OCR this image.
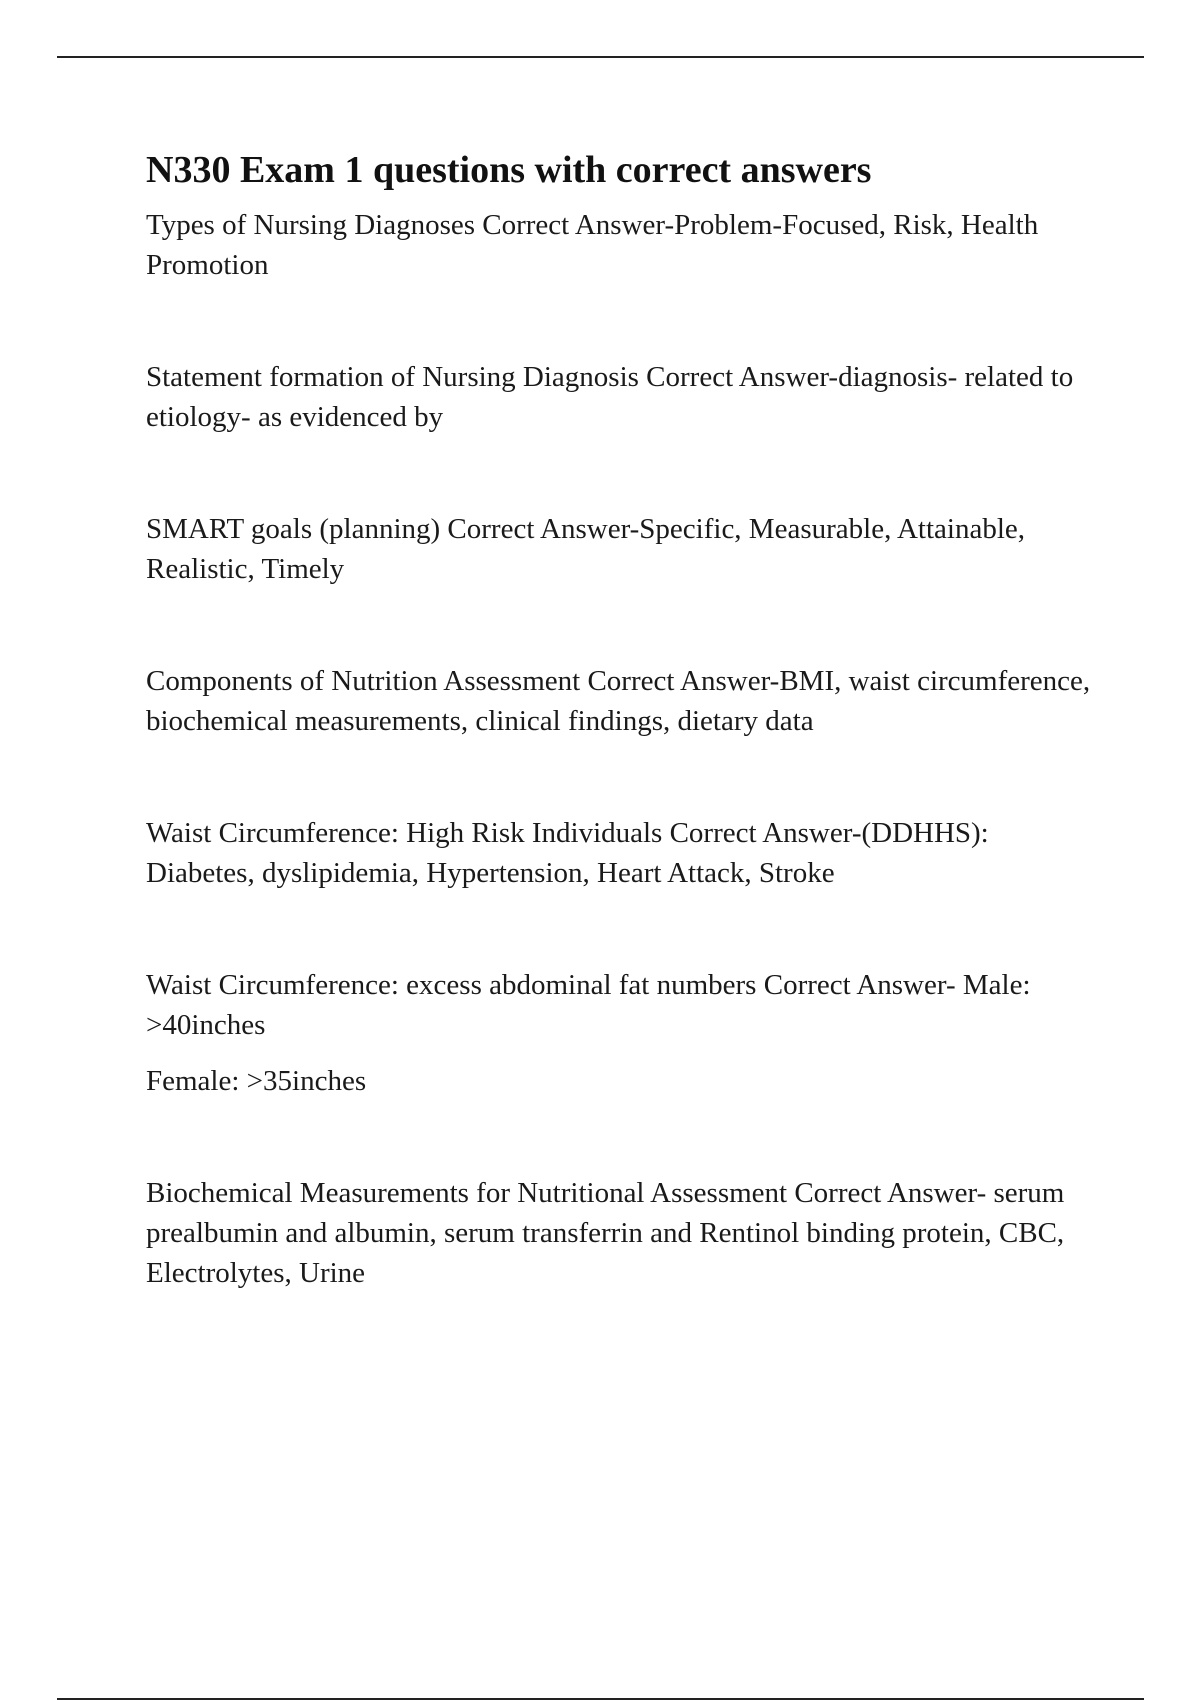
N330 Exam 1 questions with correct answers

Types of Nursing Diagnoses Correct Answer-Problem-Focused, Risk, Health Promotion

Statement formation of Nursing Diagnosis Correct Answer-diagnosis- related to etiology- as evidenced by

SMART goals (planning) Correct Answer-Specific, Measurable, Attainable, Realistic, Timely

Components of Nutrition Assessment Correct Answer-BMI, waist circumference, biochemical measurements, clinical findings, dietary data

Waist Circumference: High Risk Individuals Correct Answer-(DDHHS): Diabetes, dyslipidemia, Hypertension, Heart Attack, Stroke

Waist Circumference: excess abdominal fat numbers Correct Answer- Male: >40inches
Female: >35inches

Biochemical Measurements for Nutritional Assessment Correct Answer- serum prealbumin and albumin, serum transferrin and Rentinol binding protein, CBC, Electrolytes, Urine
